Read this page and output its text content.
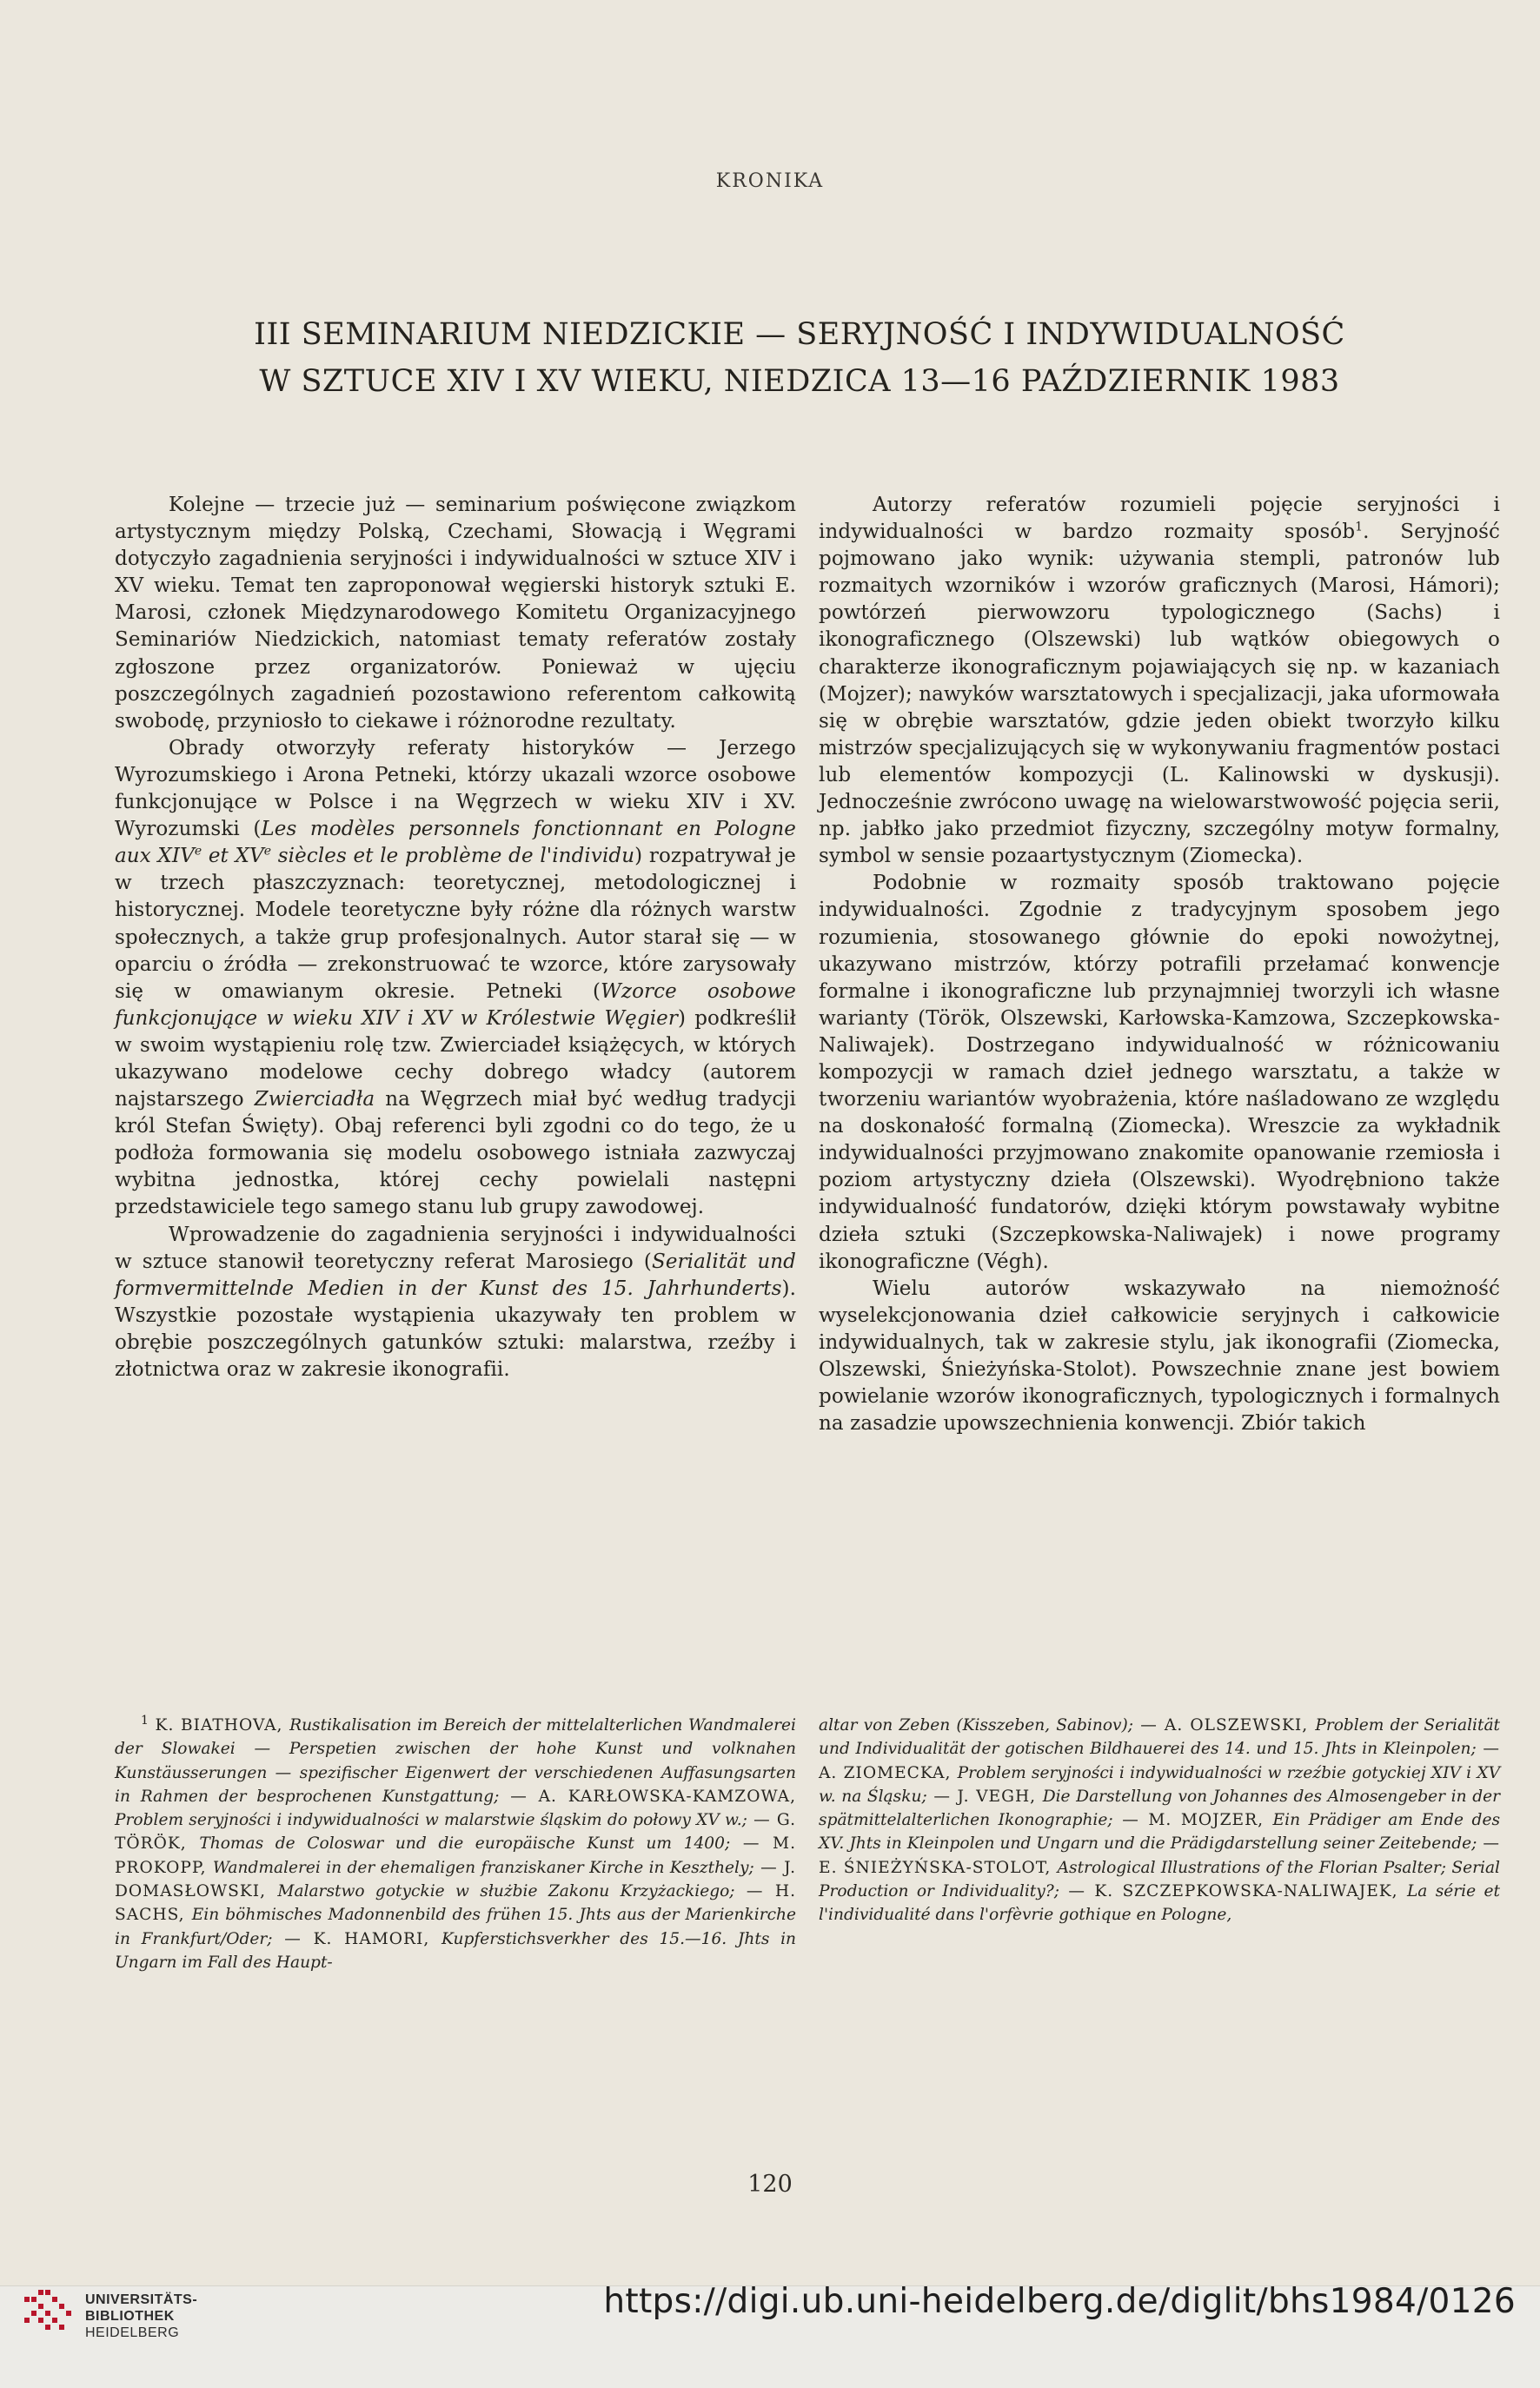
KRONIKA
III SEMINARIUM NIEDZICKIE — SERYJNOŚĆ I INDYWIDUALNOŚĆ
W SZTUCE XIV I XV WIEKU, NIEDZICA 13—16 PAŹDZIERNIK 1983

Kolejne — trzecie już — seminarium poświęcone związkom artystycznym między Polską, Czechami, Słowacją i Węgrami dotyczyło zagadnienia seryjności i indywidualności w sztuce XIV i XV wieku. Temat ten zaproponował węgierski historyk sztuki E. Marosi, członek Międzynarodowego Komitetu Organizacyjnego Seminariów Niedzickich, natomiast tematy referatów zostały zgłoszone przez organizatorów. Ponieważ w ujęciu poszczególnych zagadnień pozostawiono referentom całkowitą swobodę, przyniosło to ciekawe i różnorodne rezultaty.

Obrady otworzyły referaty historyków — Jerzego Wyrozumskiego i Arona Petneki, którzy ukazali wzorce osobowe funkcjonujące w Polsce i na Węgrzech w wieku XIV i XV. Wyrozumski (Les modèles personnels fonctionnant en Pologne aux XIVe et XVe siècles et le problème de l'individu) rozpatrywał je w trzech płaszczyznach: teoretycznej, metodologicznej i historycznej. Modele teoretyczne były różne dla różnych warstw społecznych, a także grup profesjonalnych. Autor starał się — w oparciu o źródła — zrekonstruować te wzorce, które zarysowały się w omawianym okresie. Petneki (Wzorce osobowe funkcjonujące w wieku XIV i XV w Królestwie Węgier) podkreślił w swoim wystąpieniu rolę tzw. Zwierciadeł książęcych, w których ukazywano modelowe cechy dobrego władcy (autorem najstarszego Zwierciadła na Węgrzech miał być według tradycji król Stefan Święty). Obaj referenci byli zgodni co do tego, że u podłoża formowania się modelu osobowego istniała zazwyczaj wybitna jednostka, której cechy powielali następni przedstawiciele tego samego stanu lub grupy zawodowej.

Wprowadzenie do zagadnienia seryjności i indywidualności w sztuce stanowił teoretyczny referat Marosiego (Serialität und formvermittelnde Medien in der Kunst des 15. Jahrhunderts). Wszystkie pozostałe wystąpienia ukazywały ten problem w obrębie poszczególnych gatunków sztuki: malarstwa, rzeźby i złotnictwa oraz w zakresie ikonografii.

Autorzy referatów rozumieli pojęcie seryjności i indywidualności w bardzo rozmaity sposób$^1$. Seryjność pojmowano jako wynik: używania stempli, patronów lub rozmaitych wzorników i wzorów graficznych (Marosi, Hámori); powtórzeń pierwowzoru typologicznego (Sachs) i ikonograficznego (Olszewski) lub wątków obiegowych o charakterze ikonograficznym pojawiających się np. w kazaniach (Mojzer); nawyków warsztatowych i specjalizacji, jaka uformowała się w obrębie warsztatów, gdzie jeden obiekt tworzyło kilku mistrzów specjalizujących się w wykonywaniu fragmentów postaci lub elementów kompozycji (L. Kalinowski w dyskusji). Jednocześnie zwrócono uwagę na wielowarstwowość pojęcia serii, np. jabłko jako przedmiot fizyczny, szczególny motyw formalny, symbol w sensie pozaartystycznym (Ziomecka).

Podobnie w rozmaity sposób traktowano pojęcie indywidualności. Zgodnie z tradycyjnym sposobem jego rozumienia, stosowanego głównie do epoki nowożytnej, ukazywano mistrzów, którzy potrafili przełamać konwencje formalne i ikonograficzne lub przynajmniej tworzyli ich własne warianty (Török, Olszewski, Karłowska-Kamzowa, Szczepkowska-Naliwajek). Dostrzegano indywidualność w różnicowaniu kompozycji w ramach dzieł jednego warsztatu, a także w tworzeniu wariantów wyobrażenia, które naśladowano ze względu na doskonałość formalną (Ziomecka). Wreszcie za wykładnik indywidualności przyjmowano znakomite opanowanie rzemiosła i poziom artystyczny dzieła (Olszewski). Wyodrębniono także indywidualność fundatorów, dzięki którym powstawały wybitne dzieła sztuki (Szczepkowska-Naliwajek) i nowe programy ikonograficzne (Végh).

Wielu autorów wskazywało na niemożność wyselekcjonowania dzieł całkowicie seryjnych i całkowicie indywidualnych, tak w zakresie stylu, jak ikonografii (Ziomecka, Olszewski, Śnieżyńska-Stolot). Powszechnie znane jest bowiem powielanie wzorów ikonograficznych, typologicznych i formalnych na zasadzie upowszechnienia konwencji. Zbiór takich

$^1$ K. BIATHOVA, Rustikalisation im Bereich der mittelalterlichen Wandmalerei der Slowakei — Perspetien zwischen der hohe Kunst und volknahen Kunstäusserungen — spezifischer Eigenwert der verschiedenen Auffasungsarten in Rahmen der besprochenen Kunstgattung; — A. KARŁOWSKA-KAMZOWA, Problem seryjności i indywidualności w malarstwie śląskim do połowy XV w.; — G. TÖRÖK, Thomas de Coloswar und die europäische Kunst um 1400; — M. PROKOPP, Wandmalerei in der ehemaligen franziskaner Kirche in Keszthely; — J. DOMASŁOWSKI, Malarstwo gotyckie w służbie Zakonu Krzyżackiego; — H. SACHS, Ein böhmisches Madonnenbild des frühen 15. Jhts aus der Marienkirche in Frankfurt/Oder; — K. HAMORI, Kupferstichsverkher des 15.—16. Jhts in Ungarn im Fall des Haupt-

altar von Zeben (Kisszeben, Sabinov); — A. OLSZEWSKI, Problem der Serialität und Individualität der gotischen Bildhauerei des 14. und 15. Jhts in Kleinpolen; — A. ZIOMECKA, Problem seryjności i indywidualności w rzeźbie gotyckiej XIV i XV w. na Śląsku; — J. VEGH, Die Darstellung von Johannes des Almosengeber in der spätmittelalterlichen Ikonographie; — M. MOJZER, Ein Prädiger am Ende des XV. Jhts in Kleinpolen und Ungarn und die Prädigdarstellung seiner Zeitebende; — E. ŚNIEŻYŃSKA-STOLOT, Astrological Illustrations of the Florian Psalter; Serial Production or Individuality?; — K. SZCZEPKOWSKA-NALIWAJEK, La série et l'individualité dans l'orfèvrie gothique en Pologne,

120
UNIVERSITÄTS-
BIBLIOTHEK
HEIDELBERG
https://digi.ub.uni-heidelberg.de/diglit/bhs1984/0126
